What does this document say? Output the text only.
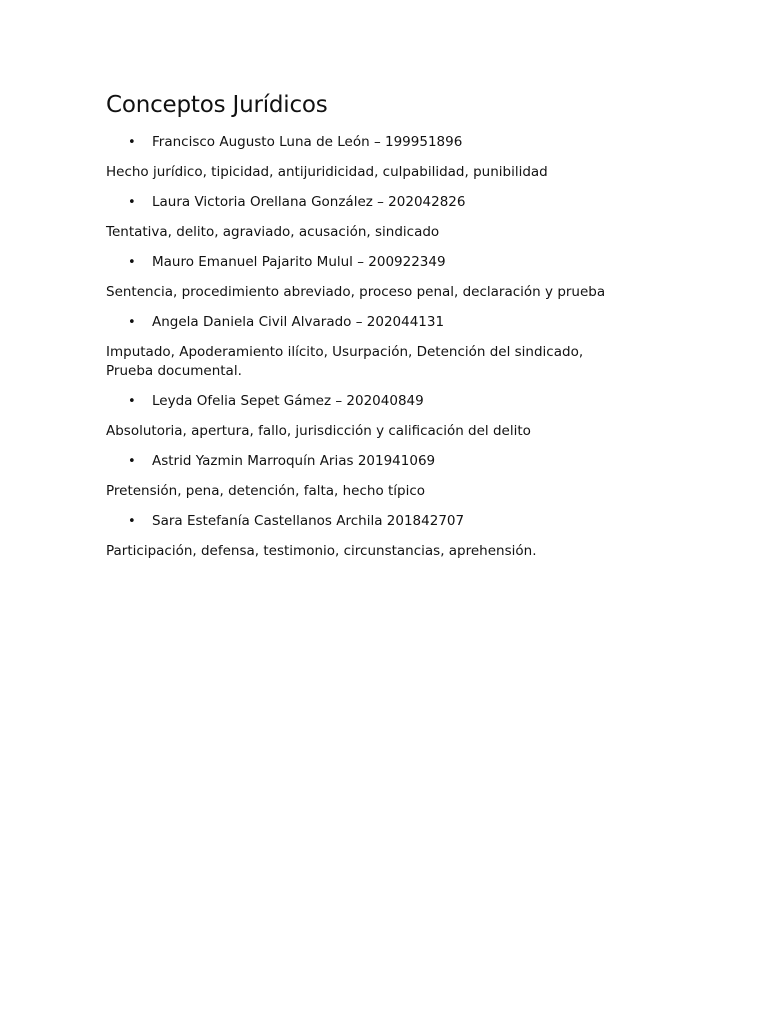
Conceptos Jurídicos

• Francisco Augusto Luna de León – 199951896

Hecho jurídico, tipicidad, antijuridicidad, culpabilidad, punibilidad

• Laura Victoria Orellana González – 202042826

Tentativa, delito, agraviado, acusación, sindicado

• Mauro Emanuel Pajarito Mulul – 200922349

Sentencia, procedimiento abreviado, proceso penal, declaración y prueba

• Angela Daniela Civil Alvarado – 202044131

Imputado, Apoderamiento ilícito, Usurpación, Detención del sindicado, Prueba documental.

• Leyda Ofelia Sepet Gámez – 202040849

Absolutoria, apertura, fallo, jurisdicción y calificación del delito

• Astrid Yazmin Marroquín Arias 201941069

Pretensión, pena, detención, falta, hecho típico

• Sara Estefanía Castellanos Archila 201842707

Participación, defensa, testimonio, circunstancias, aprehensión.
